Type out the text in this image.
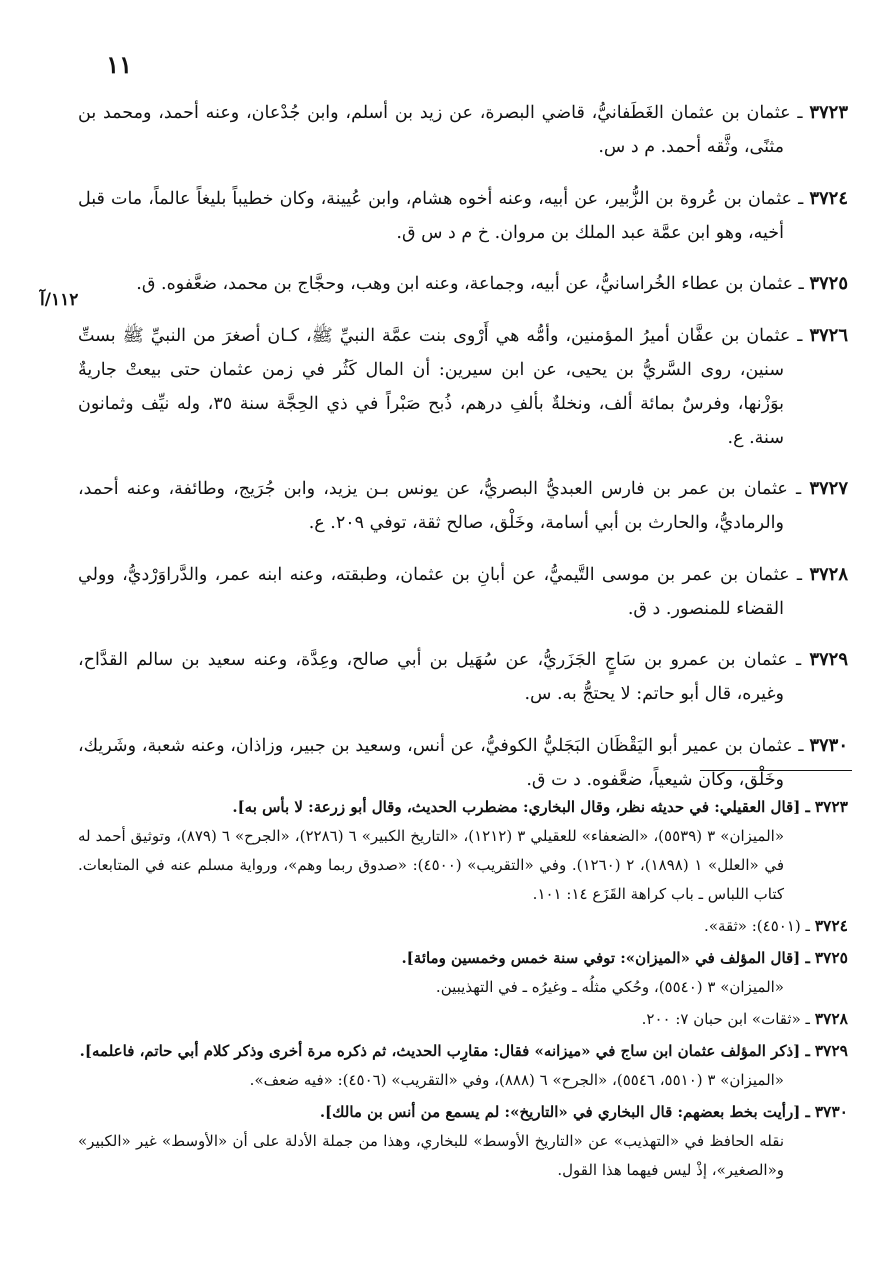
١١
١١٢/آ

٣٧٢٣ ـ عثمان بن عثمان الغَطَفانيُّ، قاضي البصرة، عن زيد بن أسلم، وابن جُدْعان، وعنه أحمد، ومحمد بن مثنًى، وثَّقه أحمد. م د س.

٣٧٢٤ ـ عثمان بن عُروة بن الزُّبير، عن أبيه، وعنه أخوه هشام، وابن عُيينة، وكان خطيباً بليغاً عالماً، مات قبل أخيه، وهو ابن عمَّة عبد الملك بن مروان. خ م د س ق.

٣٧٢٥ ـ عثمان بن عطاء الخُراسانيُّ، عن أبيه، وجماعة، وعنه ابن وهب، وحجَّاج بن محمد، ضعَّفوه. ق.

٣٧٢٦ ـ عثمان بن عفَّان أميرُ المؤمنين، وأمُّه هي أَرْوى بنت عمَّة النبيِّ ﷺ، كـان أصغرَ من النبيِّ ﷺ بستِّ سنين، روى السَّريُّ بن يحيى، عن ابن سيرين: أن المال كَثُر في زمن عثمان حتى بيعتْ جاريةٌ بوَزْنها، وفرسٌ بمائة ألف، ونخلةٌ بألفِ درهم، ذُبح صَبْراً في ذي الحِجَّة سنة ٣٥، وله نيِّف وثمانون سنة. ع.

٣٧٢٧ ـ عثمان بن عمر بن فارس العبديُّ البصريُّ، عن يونس بـن يزيد، وابن جُرَيج، وطائفة، وعنه أحمد، والرماديُّ، والحارث بن أبي أسامة، وخَلْق، صالح ثقة، توفي ٢٠٩. ع.

٣٧٢٨ ـ عثمان بن عمر بن موسى التَّيميُّ، عن أبانِ بن عثمان، وطبقته، وعنه ابنه عمر، والدَّراوَرْديُّ، وولي القضاء للمنصور. د ق.

٣٧٢٩ ـ عثمان بن عمرو بن سَاجٍ الجَزَريُّ، عن سُهَيل بن أبي صالح، وعِدَّة، وعنه سعيد بن سالم القدَّاح، وغيره، قال أبو حاتم: لا يحتجُّ به. س.

٣٧٣٠ ـ عثمان بن عمير أبو اليَقْظَان البَجَليُّ الكوفيُّ، عن أنس، وسعيد بن جبير، وزاذان، وعنه شعبة، وشَريك، وخَلْق، وكان شيعياً، ضعَّفوه. د ت ق.

٣٧٢٣ ـ [قال العقيلي: في حديثه نظر، وقال البخاري: مضطرب الحديث، وقال أبو زرعة: لا بأس به].
«الميزان» ٣ (٥٥٣٩)، «الضعفاء» للعقيلي ٣ (١٢١٢)، «التاريخ الكبير» ٦ (٢٢٨٦)، «الجرح» ٦ (٨٧٩)، وتوثيق أحمد له في «العلل» ١ (١٨٩٨)، ٢ (١٢٦٠). وفي «التقريب» (٤٥٠٠): «صدوق ربما وهم»، ورواية مسلم عنه في المتابعات. كتاب اللباس ـ باب كراهة القَزَع ١٤: ١٠١.

٣٧٢٤ ـ (٤٥٠١): «ثقة».

٣٧٢٥ ـ [قال المؤلف في «الميزان»: توفي سنة خمس وخمسين ومائة].
«الميزان» ٣ (٥٥٤٠)، وحُكي مثلُه ـ وغيرُه ـ في التهذيبين.

٣٧٢٨ ـ «ثقات» ابن حبان ٧: ٢٠٠.

٣٧٢٩ ـ [ذكر المؤلف عثمان ابن ساج في «ميزانه» فقال: مقارِب الحديث، ثم ذكره مرة أخرى وذكر كلام أبي حاتم، فاعلمه].
«الميزان» ٣ (٥٥١٠، ٥٥٤٦)، «الجرح» ٦ (٨٨٨)، وفي «التقريب» (٤٥٠٦): «فيه ضعف».

٣٧٣٠ ـ [رأيت بخط بعضهم: قال البخاري في «التاريخ»: لم يسمع من أنس بن مالك].
نقله الحافظ في «التهذيب» عن «التاريخ الأوسط» للبخاري، وهذا من جملة الأدلة على أن «الأوسط» غير «الكبير» و«الصغير»، إذْ ليس فيهما هذا القول.
